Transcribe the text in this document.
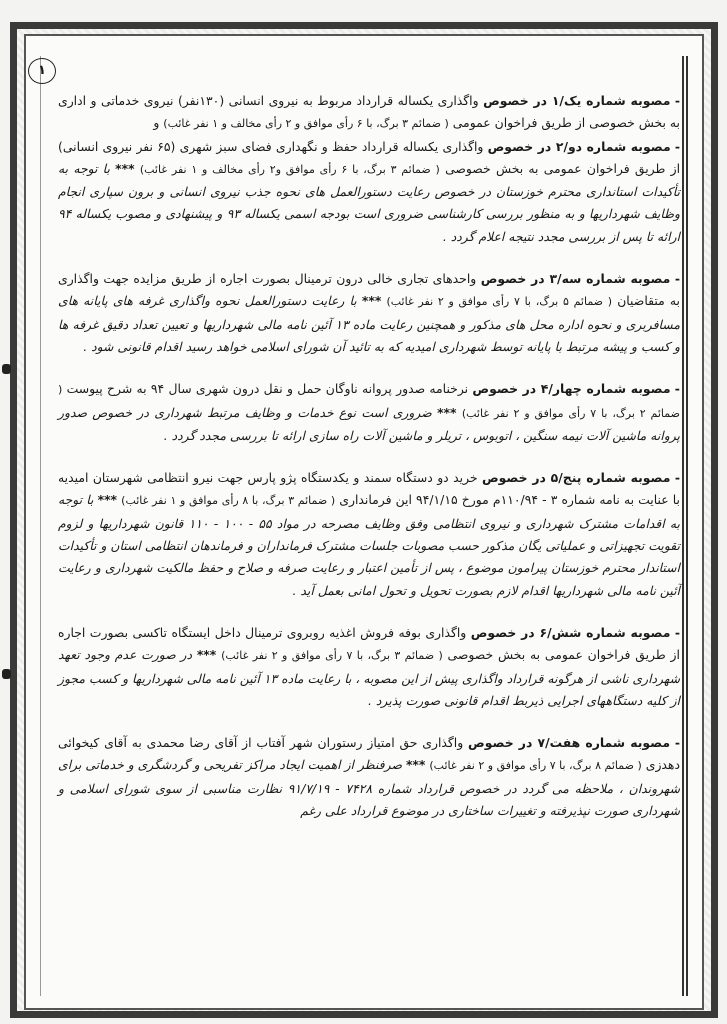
۱

- مصوبه شماره یک/۱ در خصوص واگذاری یکساله قرارداد مربوط به نیروی انسانی (۱۳۰نفر) نیروی خدماتی و اداری به بخش خصوصی از طریق فراخوان عمومی ( ضمائم ۳ برگ، با ۶ رأی موافق و ۲ رأی مخالف و ۱ نفر غائب) و

- مصوبه شماره دو/۲ در خصوص واگذاری یکساله قرارداد حفظ و نگهداری فضای سبز شهری (۶۵ نفر نیروی انسانی) از طریق فراخوان عمومی به بخش خصوصی ( ضمائم ۳ برگ، با ۶ رأی موافق و۲ رأی مخالف و ۱ نفر غائب) *** با توجه به تأکیدات استانداری محترم خوزستان در خصوص رعایت دستورالعمل های نحوه جذب نیروی انسانی و برون سپاری انجام وظایف شهرداریها و به منظور بررسی کارشناسی ضروری است بودجه اسمی یکساله ۹۳ و پیشنهادی و مصوب یکساله ۹۴ ارائه تا پس از بررسی مجدد نتیجه اعلام گردد .

- مصوبه شماره سه/۳ در خصوص واحدهای تجاری خالی درون ترمینال بصورت اجاره از طریق مزایده جهت واگذاری به متقاضیان ( ضمائم ۵ برگ، با ۷ رأی موافق و ۲ نفر غائب) *** با رعایت دستورالعمل نحوه واگذاری غرفه های پایانه های مسافربری و نحوه اداره محل های مذکور و همچنین رعایت ماده ۱۳ آئین نامه مالی شهرداریها و تعیین تعداد دقیق غرفه ها و کسب و پیشه مرتبط با پایانه توسط شهرداری امیدیه که به تائید آن شورای اسلامی خواهد رسید اقدام قانونی شود .

- مصوبه شماره چهار/۴ در خصوص نرخنامه صدور پروانه ناوگان حمل و نقل درون شهری سال ۹۴ به شرح پیوست ( ضمائم ۲ برگ، با ۷ رأی موافق و ۲ نفر غائب) *** ضروری است نوع خدمات و وظایف مرتبط شهرداری در خصوص صدور پروانه ماشین آلات نیمه سنگین ، اتوبوس ، تریلر و ماشین آلات راه سازی ارائه تا بررسی مجدد گردد .

- مصوبه شماره پنج/۵ در خصوص خرید دو دستگاه سمند و یکدستگاه پژو پارس جهت نیرو انتظامی شهرستان امیدیه با عنایت به نامه شماره ۳ - ۱۱۰/۹۴م مورخ ۹۴/۱/۱۵ این فرمانداری ( ضمائم ۳ برگ، با ۸ رأی موافق و ۱ نفر غائب) *** با توجه به اقدامات مشترک شهرداری و نیروی انتظامی وفق وظایف مصرحه در مواد ۵۵ - ۱۰۰ - ۱۱۰ قانون شهرداریها و لزوم تقویت تجهیزاتی و عملیاتی یگان مذکور حسب مصوبات جلسات مشترک فرمانداران و فرماندهان انتظامی استان و تأکیدات استاندار محترم خوزستان پیرامون موضوع ، پس از تأمین اعتبار و رعایت صرفه و صلاح و حفظ مالکیت شهرداری و رعایت آئین نامه مالی شهرداریها اقدام لازم بصورت تحویل و تحول امانی بعمل آید .

- مصوبه شماره شش/۶ در خصوص واگذاری بوفه فروش اغذیه روبروی ترمینال داخل ایستگاه تاکسی بصورت اجاره از طریق فراخوان عمومی به بخش خصوصی ( ضمائم ۳ برگ، با ۷ رأی موافق و ۲ نفر غائب) *** در صورت عدم وجود تعهد شهرداری ناشی از هرگونه قرارداد واگذاری پیش از این مصوبه ، با رعایت ماده ۱۳ آئین نامه مالی شهرداریها و کسب مجوز از کلیه دستگاههای اجرایی ذیربط اقدام قانونی صورت پذیرد .

- مصوبه شماره هفت/۷ در خصوص واگذاری حق امتیاز رستوران شهر آفتاب از آقای رضا محمدی به آقای کیخوائی دهدزی ( ضمائم ۸ برگ، با ۷ رأی موافق و ۲ نفر غائب) *** صرفنظر از اهمیت ایجاد مراکز تفریحی و گردشگری و خدماتی برای شهروندان ، ملاحظه می گردد در خصوص قرارداد شماره ۷۴۲۸ - ۹۱/۷/۱۹ نظارت مناسبی از سوی شورای اسلامی و شهرداری صورت نپذیرفته و تغییرات ساختاری در موضوع قرارداد علی رغم
